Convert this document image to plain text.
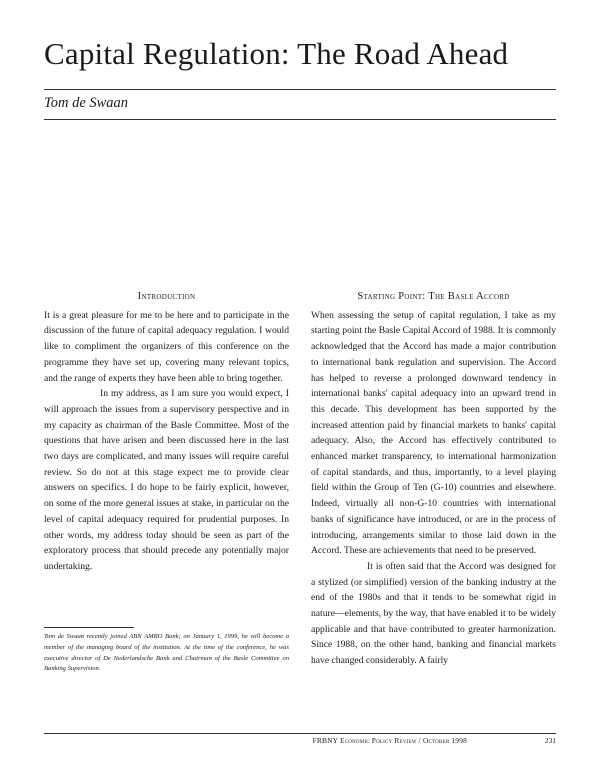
Capital Regulation: The Road Ahead
Tom de Swaan
Introduction

It is a great pleasure for me to be here and to participate in the discussion of the future of capital adequacy regulation. I would like to compliment the organizers of this conference on the programme they have set up, covering many relevant topics, and the range of experts they have been able to bring together.

In my address, as I am sure you would expect, I will approach the issues from a supervisory perspective and in my capacity as chairman of the Basle Committee. Most of the questions that have arisen and been discussed here in the last two days are complicated, and many issues will require careful review. So do not at this stage expect me to provide clear answers on specifics. I do hope to be fairly explicit, however, on some of the more general issues at stake, in particular on the level of capital adequacy required for prudential purposes. In other words, my address today should be seen as part of the exploratory process that should precede any potentially major undertaking.

Starting Point: The Basle Accord

When assessing the setup of capital regulation, I take as my starting point the Basle Capital Accord of 1988. It is commonly acknowledged that the Accord has made a major contribution to international bank regulation and supervision. The Accord has helped to reverse a prolonged downward tendency in international banks' capital adequacy into an upward trend in this decade. This development has been supported by the increased attention paid by financial markets to banks' capital adequacy. Also, the Accord has effectively contributed to enhanced market transparency, to international harmonization of capital standards, and thus, importantly, to a level playing field within the Group of Ten (G-10) countries and elsewhere. Indeed, virtually all non-G-10 countries with international banks of significance have introduced, or are in the process of introducing, arrangements similar to those laid down in the Accord. These are achievements that need to be preserved.

It is often said that the Accord was designed for a stylized (or simplified) version of the banking industry at the end of the 1980s and that it tends to be somewhat rigid in nature—elements, by the way, that have enabled it to be widely applicable and that have contributed to greater harmonization. Since 1988, on the other hand, banking and financial markets have changed considerably. A fairly

Tom de Swaan recently joined ABN AMRO Bank; on January 1, 1999, he will become a member of the managing board of the institution. At the time of the conference, he was executive director of De Nederlandsche Bank and Chairman of the Basle Committee on Banking Supervision.
FRBNY Economic Policy Review / October 1998	231
